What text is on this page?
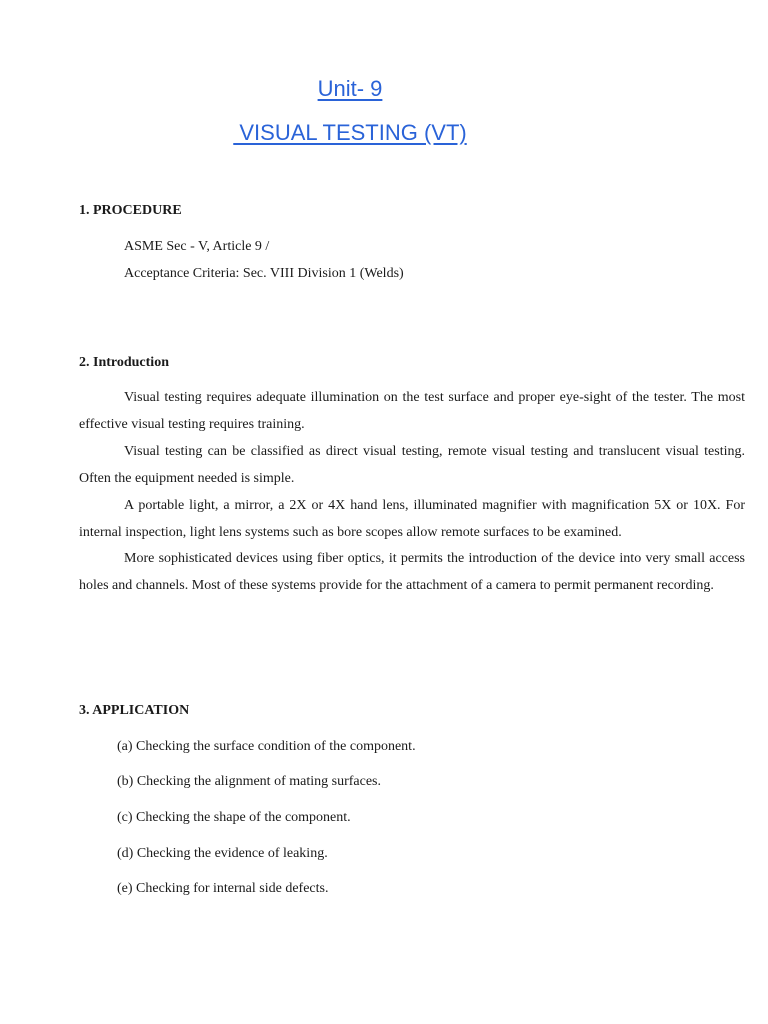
Unit- 9
VISUAL TESTING (VT)
1. PROCEDURE
ASME Sec - V, Article 9 /
Acceptance Criteria: Sec. VIII Division 1 (Welds)
2. Introduction

Visual testing requires adequate illumination on the test surface and proper eye-sight of the tester. The most effective visual testing requires training.

Visual testing can be classified as direct visual testing, remote visual testing and translucent visual testing. Often the equipment needed is simple.

A portable light, a mirror, a 2X or 4X hand lens, illuminated magnifier with magnification 5X or 10X. For internal inspection, light lens systems such as bore scopes allow remote surfaces to be examined.

More sophisticated devices using fiber optics, it permits the introduction of the device into very small access holes and channels. Most of these systems provide for the attachment of a camera to permit permanent recording.

3. APPLICATION
(a) Checking the surface condition of the component.
(b) Checking the alignment of mating surfaces.
(c) Checking the shape of the component.
(d) Checking the evidence of leaking.
(e) Checking for internal side defects.
